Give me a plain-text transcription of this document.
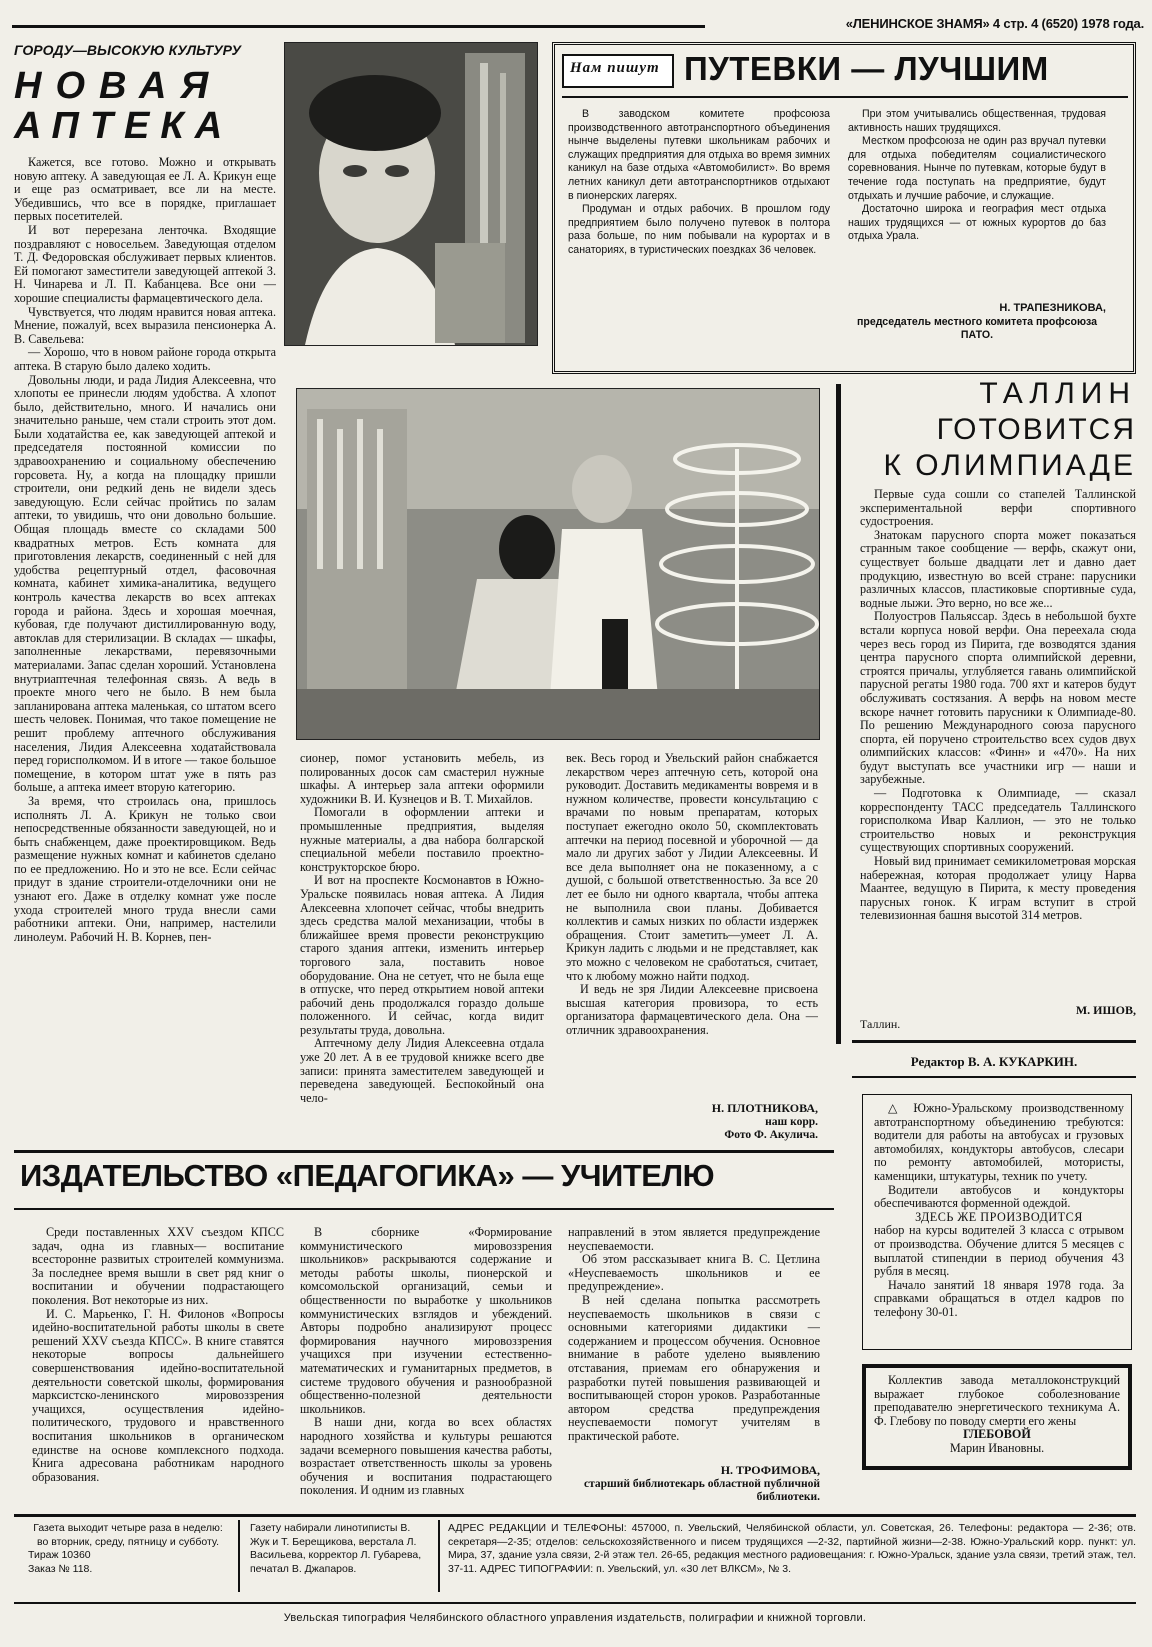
«ЛЕНИНСКОЕ ЗНАМЯ» 4 стр. 4 (6520) 1978 года.
ГОРОДУ—ВЫСОКУЮ КУЛЬТУРУ
НОВАЯ
АПТЕКА

Кажется, все готово. Можно и открывать новую аптеку. А заведующая ее Л. А. Крикун еще и еще раз осматривает, все ли на месте. Убедившись, что все в порядке, приглашает первых посетителей.

И вот перерезана ленточка. Входящие поздравляют с новосельем. Заведующая отделом Т. Д. Федоровская обслуживает первых клиентов. Ей помогают заместители заведующей аптекой З. Н. Чинарева и Л. П. Кабанцева. Все они — хорошие специалисты фармацевтического дела.

Чувствуется, что людям нравится новая аптека. Мнение, пожалуй, всех выразила пенсионерка А. В. Савельева:

— Хорошо, что в новом районе города открыта аптека. В старую было далеко ходить.

Довольны люди, и рада Лидия Алексеевна, что хлопоты ее принесли людям удобства. А хлопот было, действительно, много. И начались они значительно раньше, чем стали строить этот дом. Были ходатайства ее, как заведующей аптекой и председателя постоянной комиссии по здравоохранению и социальному обеспечению горсовета. Ну, а когда на площадку пришли строители, они редкий день не видели здесь заведующую. Если сейчас пройтись по залам аптеки, то увидишь, что они довольно большие. Общая площадь вместе со складами 500 квадратных метров. Есть комната для приготовления лекарств, соединенный с ней для удобства рецептурный отдел, фасовочная комната, кабинет химика-аналитика, ведущего контроль качества лекарств во всех аптеках города и района. Здесь и хорошая моечная, кубовая, где получают дистиллированную воду, автоклав для стерилизации. В складах — шкафы, заполненные лекарствами, перевязочными материалами. Запас сделан хороший. Установлена внутриаптечная телефонная связь. А ведь в проекте много чего не было. В нем была запланирована аптека маленькая, со штатом всего шесть человек. Понимая, что такое помещение не решит проблему аптечного обслуживания населения, Лидия Алексеевна ходатайствовала перед горисполкомом. И в итоге — такое большое помещение, в котором штат уже в пять раз больше, а аптека имеет вторую категорию.

За время, что строилась она, пришлось исполнять Л. А. Крикун не только свои непосредственные обязанности заведующей, но и быть снабженцем, даже проектировщиком. Ведь размещение нужных комнат и кабинетов сделано по ее предложению. Но и это не все. Если сейчас придут в здание строители-отделочники они не узнают его. Даже в отделку комнат уже после ухода строителей много труда внесли сами работники аптеки. Они, например, настелили линолеум. Рабочий Н. В. Корнев, пен-

сионер, помог установить мебель, из полированных досок сам смастерил нужные шкафы. А интерьер зала аптеки оформили художники В. И. Кузнецов и В. Т. Михайлов.

Помогали в оформлении аптеки и промышленные предприятия, выделяя нужные материалы, а два набора болгарской специальной мебели поставило проектно-конструкторское бюро.

И вот на проспекте Космонавтов в Южно-Уральске появилась новая аптека. А Лидия Алексеевна хлопочет сейчас, чтобы внедрить здесь средства малой механизации, чтобы в ближайшее время провести реконструкцию старого здания аптеки, изменить интерьер торгового зала, поставить новое оборудование. Она не сетует, что не была еще в отпуске, что перед открытием новой аптеки рабочий день продолжался гораздо дольше положенного. И сейчас, когда видит результаты труда, довольна.

Аптечному делу Лидия Алексеевна отдала уже 20 лет. А в ее трудовой книжке всего две записи: принята заместителем заведующей и переведена заведующей. Беспокойный она чело-

век. Весь город и Увельский район снабжается лекарством через аптечную сеть, которой она руководит. Доставить медикаменты вовремя и в нужном количестве, провести консультацию с врачами по новым препаратам, которых поступает ежегодно около 50, скомплектовать аптечки на период посевной и уборочной — да мало ли других забот у Лидии Алексеевны. И все дела выполняет она не показенному, а с душой, с большой ответственностью. За все 20 лет ее было ни одного квартала, чтобы аптека не выполнила свои планы. Добивается коллектив и самых низких по области издержек обращения. Стоит заметить—умеет Л. А. Крикун ладить с людьми и не представляет, как это можно с человеком не сработаться, считает, что к любому можно найти подход.

И ведь не зря Лидии Алексеевне присвоена высшая категория провизора, то есть организатора фармацевтического дела. Она — отличник здравоохранения.

Н. ПЛОТНИКОВА,
наш корр.
Фото Ф. Акулича.
Нам пишут ПУТЕВКИ — ЛУЧШИМ

В заводском комитете профсоюза производственного автотранспортного объединения нынче выделены путевки школьникам рабочих и служащих предприятия для отдыха во время зимних каникул на базе отдыха «Автомобилист». Во время летних каникул дети автотранспортников отдыхают в пионерских лагерях.

Продуман и отдых рабочих. В прошлом году предприятием было получено путевок в полтора раза больше, по ним побывали на курортах и в санаториях, в туристических поездках 36 человек.

При этом учитывались общественная, трудовая активность наших трудящихся.

Местком профсоюза не один раз вручал путевки для отдыха победителям социалистического соревнования. Нынче по путевкам, которые будут в течение года поступать на предприятие, будут отдыхать и лучшие рабочие, и служащие.

Достаточно широка и география мест отдыха наших трудящихся — от южных курортов до баз отдыха Урала.

Н. ТРАПЕЗНИКОВА,
председатель местного комитета профсоюза ПАТО.
ТАЛЛИН
ГОТОВИТСЯ
К ОЛИМПИАДЕ

Первые суда сошли со стапелей Таллинской экспериментальной верфи спортивного судостроения.

Знатокам парусного спорта может показаться странным такое сообщение — верфь, скажут они, существует больше двадцати лет и давно дает продукцию, известную во всей стране: парусники различных классов, пластиковые спортивные суда, водные лыжи. Это верно, но все же...

Полуостров Пальяссар. Здесь в небольшой бухте встали корпуса новой верфи. Она переехала сюда через весь город из Пирита, где возводятся здания центра парусного спорта олимпийской деревни, строятся причалы, углубляется гавань олимпийской парусной регаты 1980 года. 700 яхт и катеров будут обслуживать состязания. А верфь на новом месте вскоре начнет готовить парусники к Олимпиаде-80. По решению Международного союза парусного спорта, ей поручено строительство всех судов двух олимпийских классов: «Финн» и «470». На них будут выступать все участники игр — наши и зарубежные.

— Подготовка к Олимпиаде, — сказал корреспонденту ТАСС председатель Таллинского горисполкома Ивар Каллион, — это не только строительство новых и реконструкция существующих спортивных сооружений.

Новый вид принимает семикилометровая морская набережная, которая продолжает улицу Нарва Маантее, ведущую в Пирита, к месту проведения парусных гонок. К играм вступит в строй телевизионная башня высотой 314 метров.

М. ИШОВ,
Таллин.
Редактор В. А. КУКАРКИН.

△ Южно-Уральскому производственному автотранспортному объединению требуются: водители для работы на автобусах и грузовых автомобилях, кондукторы автобусов, слесари по ремонту автомобилей, мотористы, каменщики, штукатуры, техник по учету.

Водители автобусов и кондукторы обеспечиваются форменной одеждой.

ЗДЕСЬ ЖЕ ПРОИЗВОДИТСЯ

набор на курсы водителей 3 класса с отрывом от производства. Обучение длится 5 месяцев с выплатой стипендии в период обучения 43 рубля в месяц.

Начало занятий 18 января 1978 года. За справками обращаться в отдел кадров по телефону 30-01.

Коллектив завода металлоконструкций выражает глубокое соболезнование преподавателю энергетического техникума А. Ф. Глебову по поводу смерти его жены

ГЛЕБОВОЙ
Марин Ивановны.
ИЗДАТЕЛЬСТВО «ПЕДАГОГИКА» — УЧИТЕЛЮ

Среди поставленных XXV съездом КПСС задач, одна из главных— воспитание всесторонне развитых строителей коммунизма. За последнее время вышли в свет ряд книг о воспитании и обучении подрастающего поколения. Вот некоторые из них.

И. С. Марьенко, Г. Н. Филонов «Вопросы идейно-воспитательной работы школы в свете решений XXV съезда КПСС». В книге ставятся некоторые вопросы дальнейшего совершенствования идейно-воспитательной деятельности советской школы, формирования марксистско-ленинского мировоззрения учащихся, осуществления идейно-политического, трудового и нравственного воспитания школьников в органическом единстве на основе комплексного подхода. Книга адресована работникам народного образования.

В сборнике «Формирование коммунистического мировоззрения школьников» раскрываются содержание и методы работы школы, пионерской и комсомольской организаций, семьи и общественности по выработке у школьников коммунистических взглядов и убеждений. Авторы подробно анализируют процесс формирования научного мировоззрения учащихся при изучении естественно-математических и гуманитарных предметов, в системе трудового обучения и разнообразной общественно-полезной деятельности школьников.

В наши дни, когда во всех областях народного хозяйства и культуры решаются задачи всемерного повышения качества работы, возрастает ответственность школы за уровень обучения и воспитания подрастающего поколения. И одним из главных

направлений в этом является предупреждение неуспеваемости.

Об этом рассказывает книга В. С. Цетлина «Неуспеваемость школьников и ее предупреждение».

В ней сделана попытка рассмотреть неуспеваемость школьников в связи с основными категориями дидактики — содержанием и процессом обучения. Основное внимание в работе уделено выявлению отставания, приемам его обнаружения и разработки путей повышения развивающей и воспитывающей сторон уроков. Разработанные автором средства предупреждения неуспеваемости помогут учителям в практической работе.

Н. ТРОФИМОВА,
старший библиотекарь областной публичной библиотеки.
Газета выходит четыре раза в неделю: во вторник, среду, пятницу и субботу.
Тираж 10360
Заказ № 118.
Газету набирали линотиписты В. Жук и Т. Берещикова, верстала Л. Васильева, корректор Л. Губарева, печатал В. Джапаров.
АДРЕС РЕДАКЦИИ И ТЕЛЕФОНЫ: 457000, п. Увельский, Челябинской области, ул. Советская, 26. Телефоны: редактора — 2-36; отв. секретаря—2-35; отделов: сельскохозяйственного и писем трудящихся —2-32, партийной жизни—2-38. Южно-Уральский корр. пункт: ул. Мира, 37, здание узла связи, 2-й этаж тел. 26-65, редакция местного радиовещания: г. Южно-Уральск, здание узла связи, третий этаж, тел. 37-11. АДРЕС ТИПОГРАФИИ: п. Увельский, ул. «30 лет ВЛКСМ», № 3.
Увельская типография Челябинского областного управления издательств, полиграфии и книжной торговли.
